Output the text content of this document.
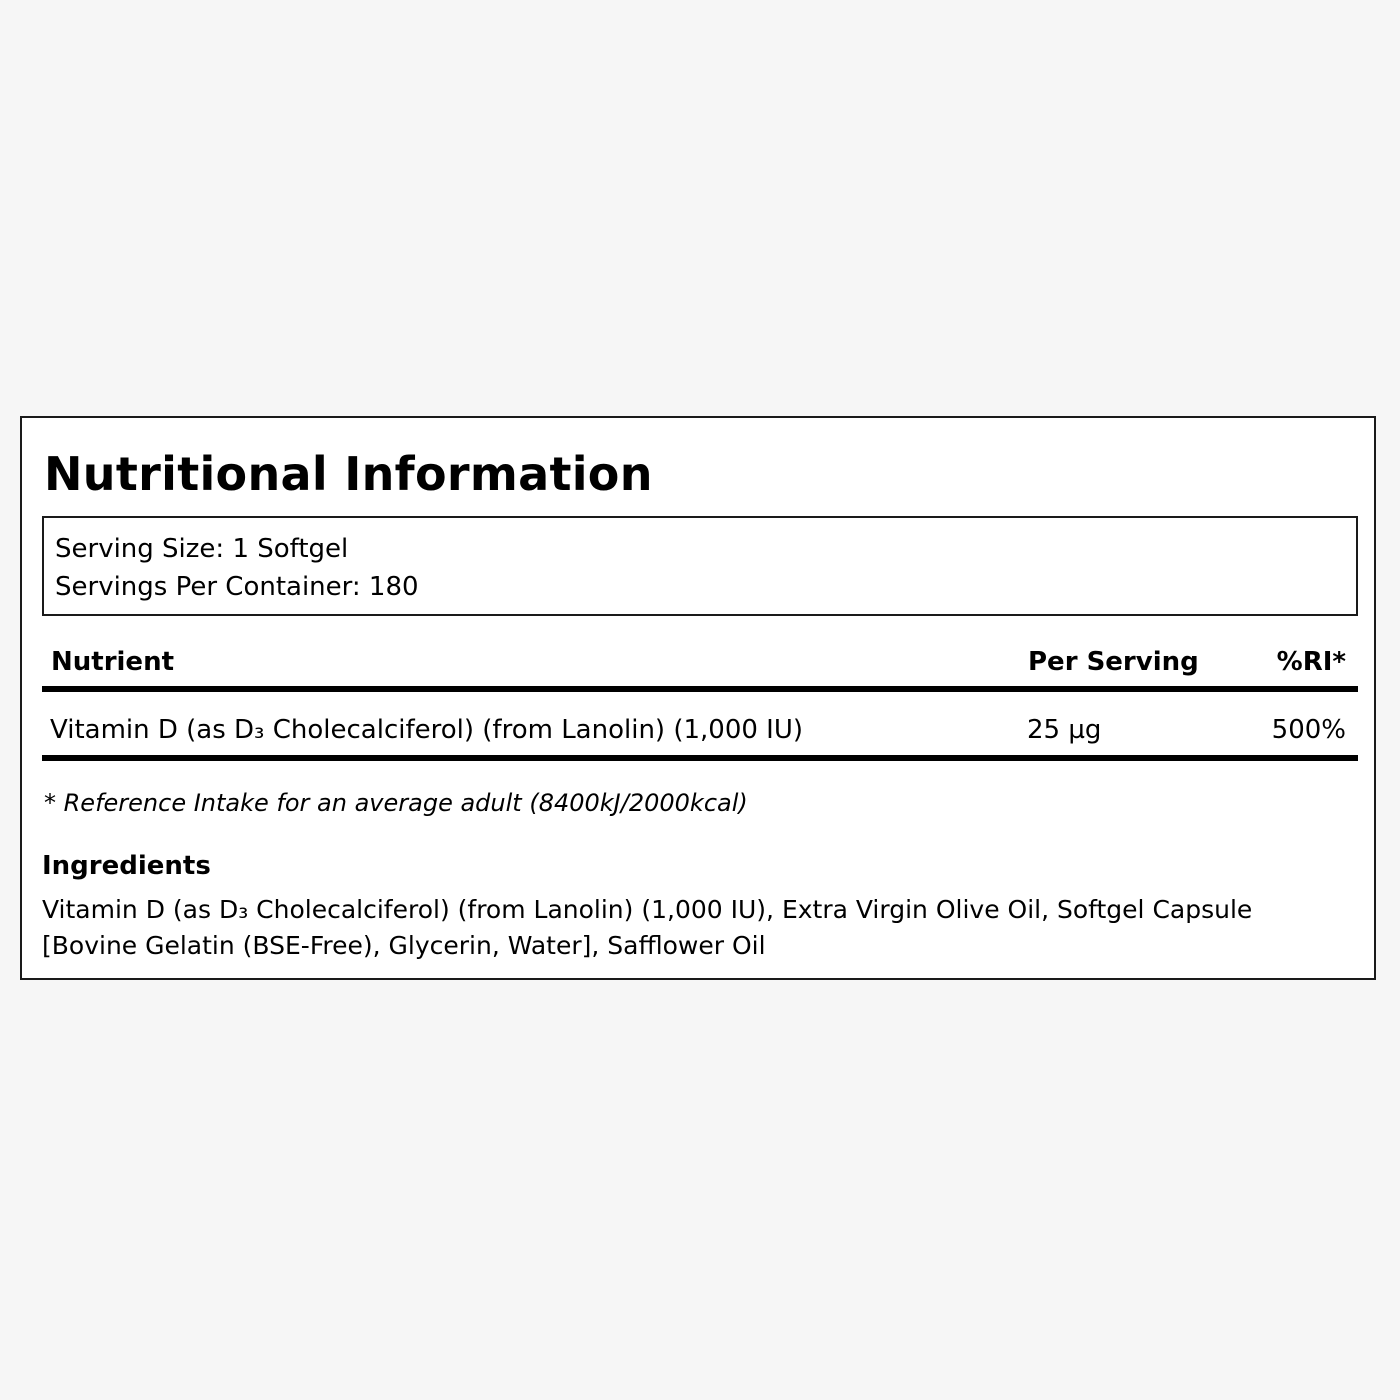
Nutritional Information
Serving Size: 1 Softgel
Servings Per Container: 180
Nutrient	Per Serving	%RI*
Vitamin D (as D₃ Cholecalciferol) (from Lanolin) (1,000 IU)	25 µg	500%
* Reference Intake for an average adult (8400kJ/2000kcal)
Ingredients
Vitamin D (as D₃ Cholecalciferol) (from Lanolin) (1,000 IU), Extra Virgin Olive Oil, Softgel Capsule [Bovine Gelatin (BSE-Free), Glycerin, Water], Safflower Oil
